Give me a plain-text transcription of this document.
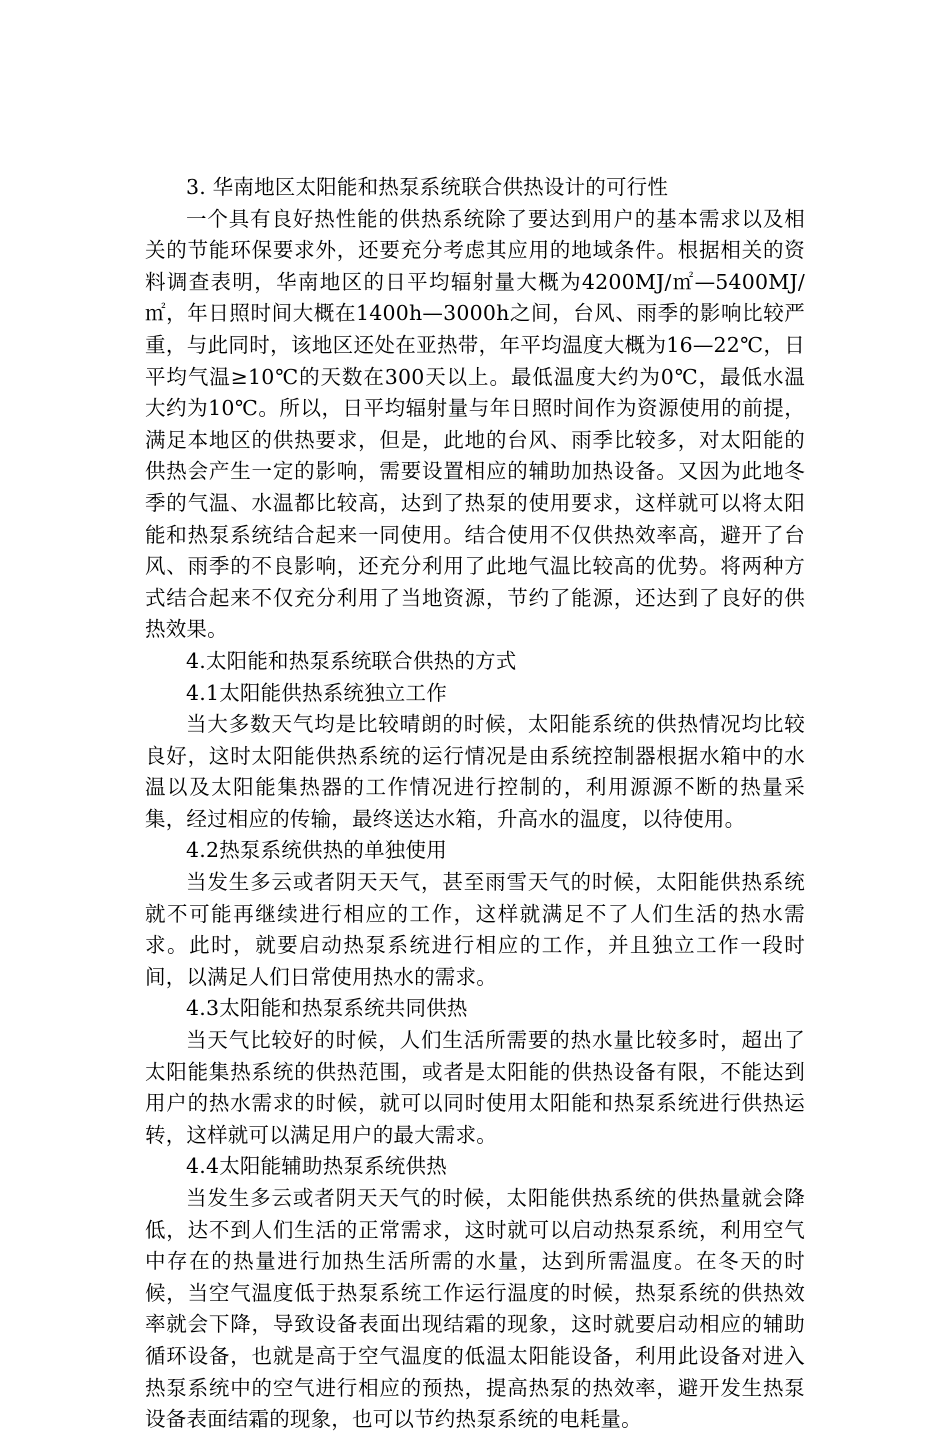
3. 华南地区太阳能和热泵系统联合供热设计的可行性

一个具有良好热性能的供热系统除了要达到用户的基本需求以及相关的节能环保要求外，还要充分考虑其应用的地域条件。根据相关的资料调查表明，华南地区的日平均辐射量大概为4200MJ/㎡—5400MJ/㎡，年日照时间大概在1400h—3000h之间，台风、雨季的影响比较严重，与此同时，该地区还处在亚热带，年平均温度大概为16—22℃，日平均气温≥10℃的天数在300天以上。最低温度大约为0℃，最低水温大约为10℃。所以，日平均辐射量与年日照时间作为资源使用的前提，满足本地区的供热要求，但是，此地的台风、雨季比较多，对太阳能的供热会产生一定的影响，需要设置相应的辅助加热设备。又因为此地冬季的气温、水温都比较高，达到了热泵的使用要求，这样就可以将太阳能和热泵系统结合起来一同使用。结合使用不仅供热效率高，避开了台风、雨季的不良影响，还充分利用了此地气温比较高的优势。将两种方式结合起来不仅充分利用了当地资源，节约了能源，还达到了良好的供热效果。

4.太阳能和热泵系统联合供热的方式

4.1太阳能供热系统独立工作

当大多数天气均是比较晴朗的时候，太阳能系统的供热情况均比较良好，这时太阳能供热系统的运行情况是由系统控制器根据水箱中的水温以及太阳能集热器的工作情况进行控制的，利用源源不断的热量采集，经过相应的传输，最终送达水箱，升高水的温度，以待使用。

4.2热泵系统供热的单独使用

当发生多云或者阴天天气，甚至雨雪天气的时候，太阳能供热系统就不可能再继续进行相应的工作，这样就满足不了人们生活的热水需求。此时，就要启动热泵系统进行相应的工作，并且独立工作一段时间，以满足人们日常使用热水的需求。

4.3太阳能和热泵系统共同供热

当天气比较好的时候，人们生活所需要的热水量比较多时，超出了太阳能集热系统的供热范围，或者是太阳能的供热设备有限，不能达到用户的热水需求的时候，就可以同时使用太阳能和热泵系统进行供热运转，这样就可以满足用户的最大需求。

4.4太阳能辅助热泵系统供热

当发生多云或者阴天天气的时候，太阳能供热系统的供热量就会降低，达不到人们生活的正常需求，这时就可以启动热泵系统，利用空气中存在的热量进行加热生活所需的水量，达到所需温度。在冬天的时候，当空气温度低于热泵系统工作运行温度的时候，热泵系统的供热效率就会下降，导致设备表面出现结霜的现象，这时就要启动相应的辅助循环设备，也就是高于空气温度的低温太阳能设备，利用此设备对进入热泵系统中的空气进行相应的预热，提高热泵的热效率，避开发生热泵设备表面结霜的现象，也可以节约热泵系统的电耗量。
